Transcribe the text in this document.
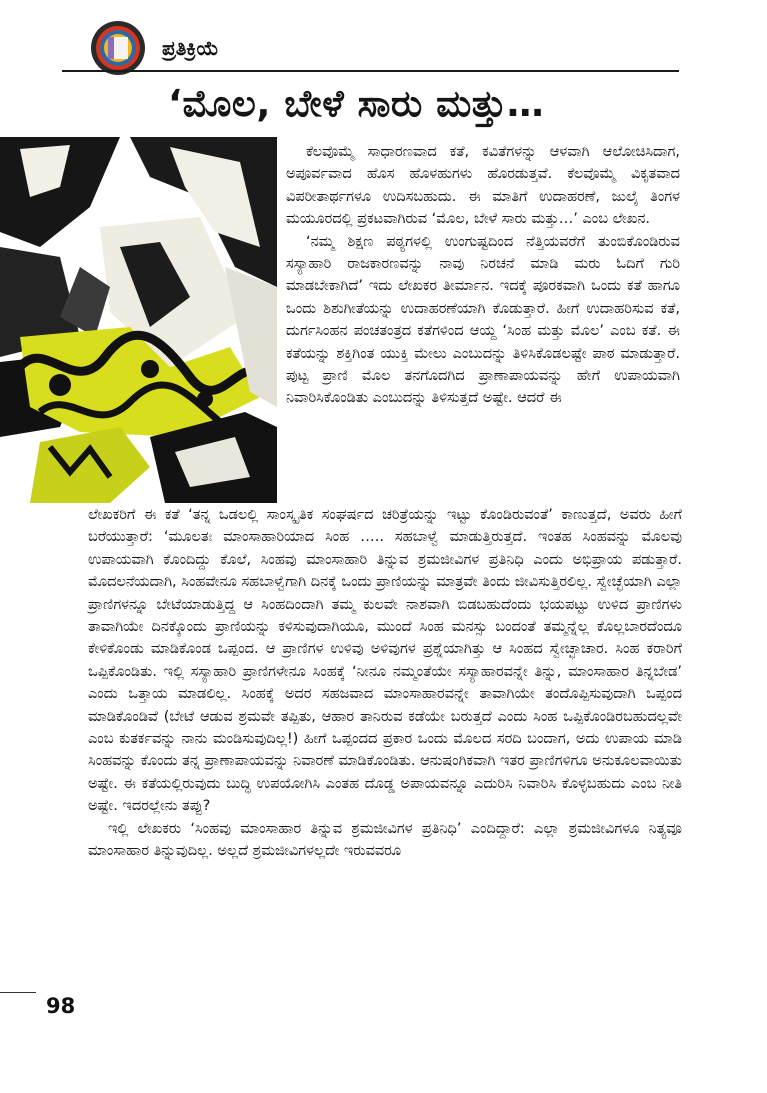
ಪ್ರತಿಕ್ರಿಯೆ
‘ಮೊಲ, ಬೇಳೆ ಸಾರು ಮತ್ತು…

ಕೆಲವೊಮ್ಮೆ ಸಾಧಾರಣವಾದ ಕತೆ, ಕವಿತೆಗಳನ್ನು ಆಳವಾಗಿ ಆಲೋಚಿಸಿದಾಗ, ಅಪೂರ್ವವಾದ ಹೊಸ ಹೊಳಹುಗಳು ಹೊರಡುತ್ತವೆ. ಕೆಲವೊಮ್ಮೆ ವಿಕೃತವಾದ ವಿಪರೀತಾರ್ಥಗಳೂ ಉದಿಸಬಹುದು. ಈ ಮಾತಿಗೆ ಉದಾಹರಣೆ, ಜುಲೈ ತಿಂಗಳ ಮಯೂರದಲ್ಲಿ ಪ್ರಕಟವಾಗಿರುವ ‘ಮೊಲ, ಬೇಳೆ ಸಾರು ಮತ್ತು…’ ಎಂಬ ಲೇಖನ.

‘ನಮ್ಮ ಶಿಕ್ಷಣ ಪಠ್ಯಗಳಲ್ಲಿ ಉಂಗುಷ್ಟದಿಂದ ನೆತ್ತಿಯವರೆಗೆ ತುಂಬಿಕೊಂಡಿರುವ ಸಸ್ಯಾಹಾರಿ ರಾಜಕಾರಣವನ್ನು ನಾವು ನಿರಚನೆ ಮಾಡಿ ಮರು ಓದಿಗೆ ಗುರಿ ಮಾಡಬೇಕಾಗಿದೆ’ ಇದು ಲೇಖಕರ ತೀರ್ಮಾನ. ಇದಕ್ಕೆ ಪೂರಕವಾಗಿ ಒಂದು ಕತೆ ಹಾಗೂ ಒಂದು ಶಿಶುಗೀತೆಯನ್ನು ಉದಾಹರಣೆಯಾಗಿ ಕೊಡುತ್ತಾರೆ. ಹೀಗೆ ಉದಾಹರಿಸುವ ಕತೆ, ದುರ್ಗಸಿಂಹನ ಪಂಚತಂತ್ರದ ಕತೆಗಳಿಂದ ಆಯ್ದ ‘ಸಿಂಹ ಮತ್ತು ಮೊಲ’ ಎಂಬ ಕತೆ. ಈ ಕತೆಯನ್ನು ಶಕ್ತಿಗಿಂತ ಯುಕ್ತಿ ಮೇಲು ಎಂಬುದನ್ನು ತಿಳಿಸಿಕೊಡಲಷ್ಟೇ ಪಾಠ ಮಾಡುತ್ತಾರೆ. ಪುಟ್ಟ ಪ್ರಾಣಿ ಮೊಲ ತನಗೊದಗಿದ ಪ್ರಾಣಾಪಾಯವನ್ನು ಹೇಗೆ ಉಪಾಯವಾಗಿ ನಿವಾರಿಸಿಕೊಂಡಿತು ಎಂಬುದನ್ನು ತಿಳಿಸುತ್ತದೆ ಅಷ್ಟೇ. ಆದರೆ ಈ

ಲೇಖಕರಿಗೆ ಈ ಕತೆ ‘ತನ್ನ ಒಡಲಲ್ಲಿ ಸಾಂಸ್ಕೃತಿಕ ಸಂಘರ್ಷದ ಚರಿತ್ರೆಯನ್ನು ಇಟ್ಟು ಕೊಂಡಿರುವಂತೆ’ ಕಾಣುತ್ತದೆ, ಅವರು ಹೀಗೆ ಬರೆಯುತ್ತಾರೆ: ‘ಮೂಲತಃ ಮಾಂಸಾಹಾರಿಯಾದ ಸಿಂಹ ….. ಸಹಬಾಳ್ವೆ ಮಾಡುತ್ತಿರುತ್ತದೆ. ಇಂತಹ ಸಿಂಹವನ್ನು ಮೊಲವು ಉಪಾಯವಾಗಿ ಕೊಂದಿದ್ದು ಕೊಲೆ, ಸಿಂಹವು ಮಾಂಸಾಹಾರಿ ತಿನ್ನುವ ಶ್ರಮಜೀವಿಗಳ ಪ್ರತಿನಿಧಿ ಎಂದು ಅಭಿಪ್ರಾಯ ಪಡುತ್ತಾರೆ. ಮೊದಲನೆಯದಾಗಿ, ಸಿಂಹವೇನೂ ಸಹಬಾಳ್ವೆಗಾಗಿ ದಿನಕ್ಕೆ ಒಂದು ಪ್ರಾಣಿಯನ್ನು ಮಾತ್ರವೇ ತಿಂದು ಜೀವಿಸುತ್ತಿರಲಿಲ್ಲ. ಸ್ವೇಚ್ಛೆಯಾಗಿ ಎಲ್ಲಾ ಪ್ರಾಣಿಗಳನ್ನೂ ಬೇಟೆಯಾಡುತ್ತಿದ್ದ ಆ ಸಿಂಹದಿಂದಾಗಿ ತಮ್ಮ ಕುಲವೇ ನಾಶವಾಗಿ ಬಿಡಬಹುದೆಂದು ಭಯಪಟ್ಟು ಉಳಿದ ಪ್ರಾಣಿಗಳು ತಾವಾಗಿಯೇ ದಿನಕ್ಕೊಂದು ಪ್ರಾಣಿಯನ್ನು ಕಳಿಸುವುದಾಗಿಯೂ, ಮುಂದೆ ಸಿಂಹ ಮನಸ್ಸು ಬಂದಂತೆ ತಮ್ಮನ್ನೆಲ್ಲ ಕೊಲ್ಲಬಾರದೆಂದೂ ಕೇಳಿಕೊಂಡು ಮಾಡಿಕೊಂಡ ಒಪ್ಪಂದ. ಆ ಪ್ರಾಣಿಗಳ ಉಳಿವು ಅಳಿವುಗಳ ಪ್ರಶ್ನೆಯಾಗಿತ್ತು ಆ ಸಿಂಹದ ಸ್ವೇಚ್ಛಾಚಾರ. ಸಿಂಹ ಕರಾರಿಗೆ ಒಪ್ಪಿಕೊಂಡಿತು. ಇಲ್ಲಿ ಸಸ್ಯಾಹಾರಿ ಪ್ರಾಣಿಗಳೇನೂ ಸಿಂಹಕ್ಕೆ ‘ನೀನೂ ನಮ್ಮಂತೆಯೇ ಸಸ್ಯಾಹಾರವನ್ನೇ ತಿನ್ನು, ಮಾಂಸಾಹಾರ ತಿನ್ನಬೇಡ’ ಎಂದು ಒತ್ತಾಯ ಮಾಡಲಿಲ್ಲ. ಸಿಂಹಕ್ಕೆ ಅದರ ಸಹಜವಾದ ಮಾಂಸಾಹಾರವನ್ನೇ ತಾವಾಗಿಯೇ ತಂದೊಪ್ಪಿಸುವುದಾಗಿ ಒಪ್ಪಂದ ಮಾಡಿಕೊಂಡಿವೆ (ಬೇಟೆ ಆಡುವ ಶ್ರಮವೇ ತಪ್ಪಿತು, ಆಹಾರ ತಾನಿರುವ ಕಡೆಯೇ ಬರುತ್ತದೆ ಎಂದು ಸಿಂಹ ಒಪ್ಪಿಕೊಂಡಿರಬಹುದಲ್ಲವೇ ಎಂಬ ಕುತರ್ಕವನ್ನು ನಾನು ಮಂಡಿಸುವುದಿಲ್ಲ!) ಹೀಗೆ ಒಪ್ಪಂದದ ಪ್ರಕಾರ ಒಂದು ಮೊಲದ ಸರದಿ ಬಂದಾಗ, ಅದು ಉಪಾಯ ಮಾಡಿ ಸಿಂಹವನ್ನು ಕೊಂದು ತನ್ನ ಪ್ರಾಣಾಪಾಯವನ್ನು ನಿವಾರಣೆ ಮಾಡಿಕೊಂಡಿತು. ಆನುಷಂಗಿಕವಾಗಿ ಇತರ ಪ್ರಾಣಿಗಳಿಗೂ ಅನುಕೂಲವಾಯಿತು ಅಷ್ಟೇ. ಈ ಕತೆಯಲ್ಲಿರುವುದು ಬುದ್ಧಿ ಉಪಯೋಗಿಸಿ ಎಂತಹ ದೊಡ್ಡ ಅಪಾಯವನ್ನೂ ಎದುರಿಸಿ ನಿವಾರಿಸಿ ಕೊಳ್ಳಬಹುದು ಎಂಬ ನೀತಿ ಅಷ್ಟೇ. ಇದರಲ್ಲೇನು ತಪ್ಪು?

ಇಲ್ಲಿ ಲೇಖಕರು ‘ಸಿಂಹವು ಮಾಂಸಾಹಾರ ತಿನ್ನುವ ಶ್ರಮಜೀವಿಗಳ ಪ್ರತಿನಿಧಿ’ ಎಂದಿದ್ದಾರೆ: ಎಲ್ಲಾ ಶ್ರಮಜೀವಿಗಳೂ ನಿತ್ಯವೂ ಮಾಂಸಾಹಾರ ತಿನ್ನುವುದಿಲ್ಲ. ಅಲ್ಲದೆ ಶ್ರಮಜೀವಿಗಳಲ್ಲದೇ ಇರುವವರೂ

98
